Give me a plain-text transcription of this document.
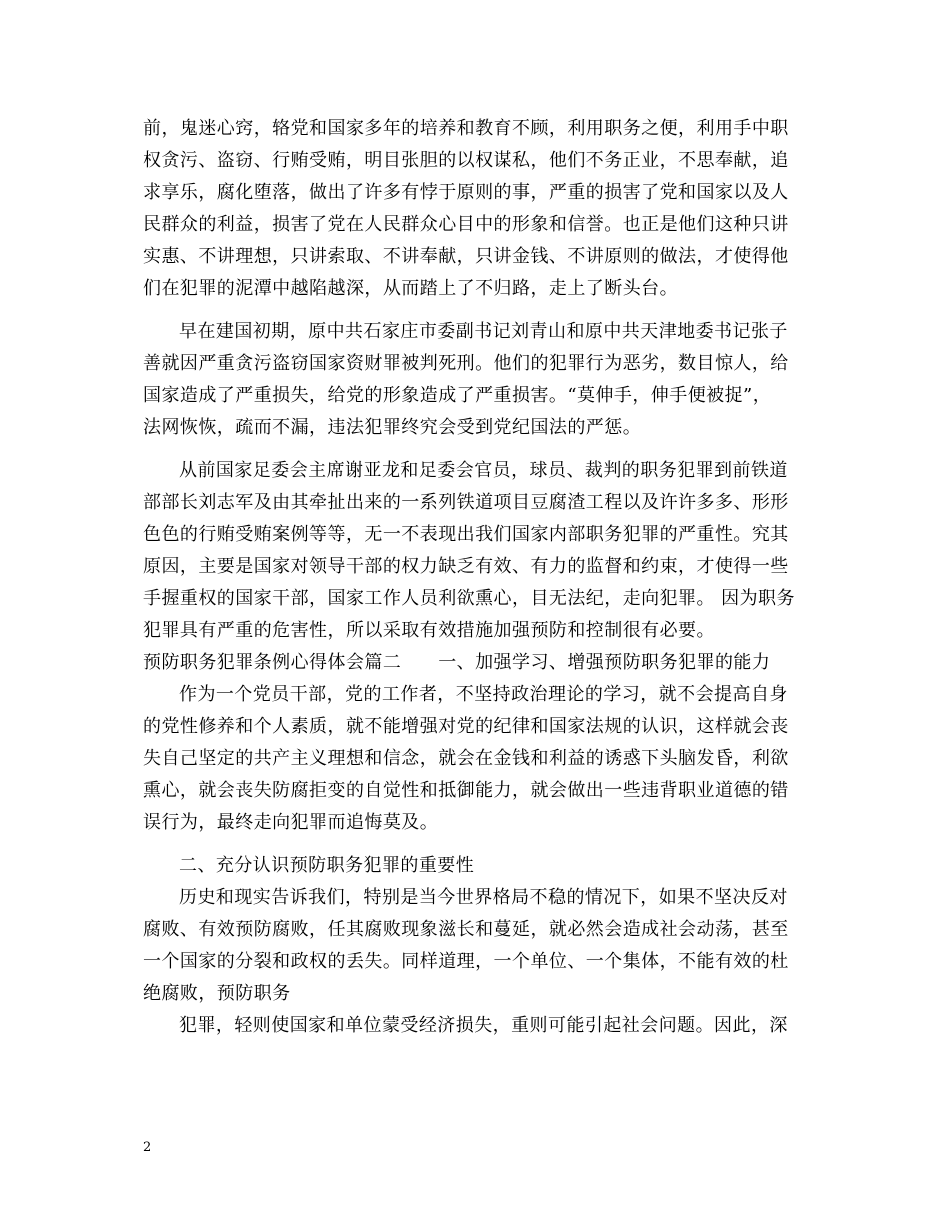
前，鬼迷心窍，辂党和国家多年的培养和教育不顾，利用职务之便，利用手中职

权贪污、盗窃、行贿受贿，明目张胆的以权谋私，他们不务正业，不思奉献，追

求享乐，腐化堕落，做出了许多有悖于原则的事，严重的损害了党和国家以及人

民群众的利益，损害了党在人民群众心目中的形象和信誉。也正是他们这种只讲

实惠、不讲理想，只讲索取、不讲奉献，只讲金钱、不讲原则的做法，才使得他

们在犯罪的泥潭中越陷越深，从而踏上了不归路，走上了断头台。

早在建国初期，原中共石家庄市委副书记刘青山和原中共天津地委书记张子

善就因严重贪污盗窃国家资财罪被判死刑。他们的犯罪行为恶劣，数目惊人，给

国家造成了严重损失，给党的形象造成了严重损害。“莫伸手，伸手便被捉”，

法网恢恢，疏而不漏，违法犯罪终究会受到党纪国法的严惩。

从前国家足委会主席谢亚龙和足委会官员，球员、裁判的职务犯罪到前铁道

部部长刘志军及由其牵扯出来的一系列铁道项目豆腐渣工程以及许许多多、形形

色色的行贿受贿案例等等，无一不表现出我们国家内部职务犯罪的严重性。究其

原因，主要是国家对领导干部的权力缺乏有效、有力的监督和约束，才使得一些

手握重权的国家干部，国家工作人员利欲熏心，目无法纪，走向犯罪。 因为职务

犯罪具有严重的危害性，所以采取有效措施加强预防和控制很有必要。

预防职务犯罪条例心得体会篇二　　一、加强学习、增强预防职务犯罪的能力

作为一个党员干部，党的工作者，不坚持政治理论的学习，就不会提高自身

的党性修养和个人素质，就不能增强对党的纪律和国家法规的认识，这样就会丧

失自己坚定的共产主义理想和信念，就会在金钱和利益的诱惑下头脑发昏，利欲

熏心，就会丧失防腐拒变的自觉性和抵御能力，就会做出一些违背职业道德的错

误行为，最终走向犯罪而追悔莫及。

二、充分认识预防职务犯罪的重要性

历史和现实告诉我们，特别是当今世界格局不稳的情况下，如果不坚决反对

腐败、有效预防腐败，任其腐败现象滋长和蔓延，就必然会造成社会动荡，甚至

一个国家的分裂和政权的丢失。同样道理，一个单位、一个集体，不能有效的杜

绝腐败，预防职务

犯罪，轻则使国家和单位蒙受经济损失，重则可能引起社会问题。因此，深

2
